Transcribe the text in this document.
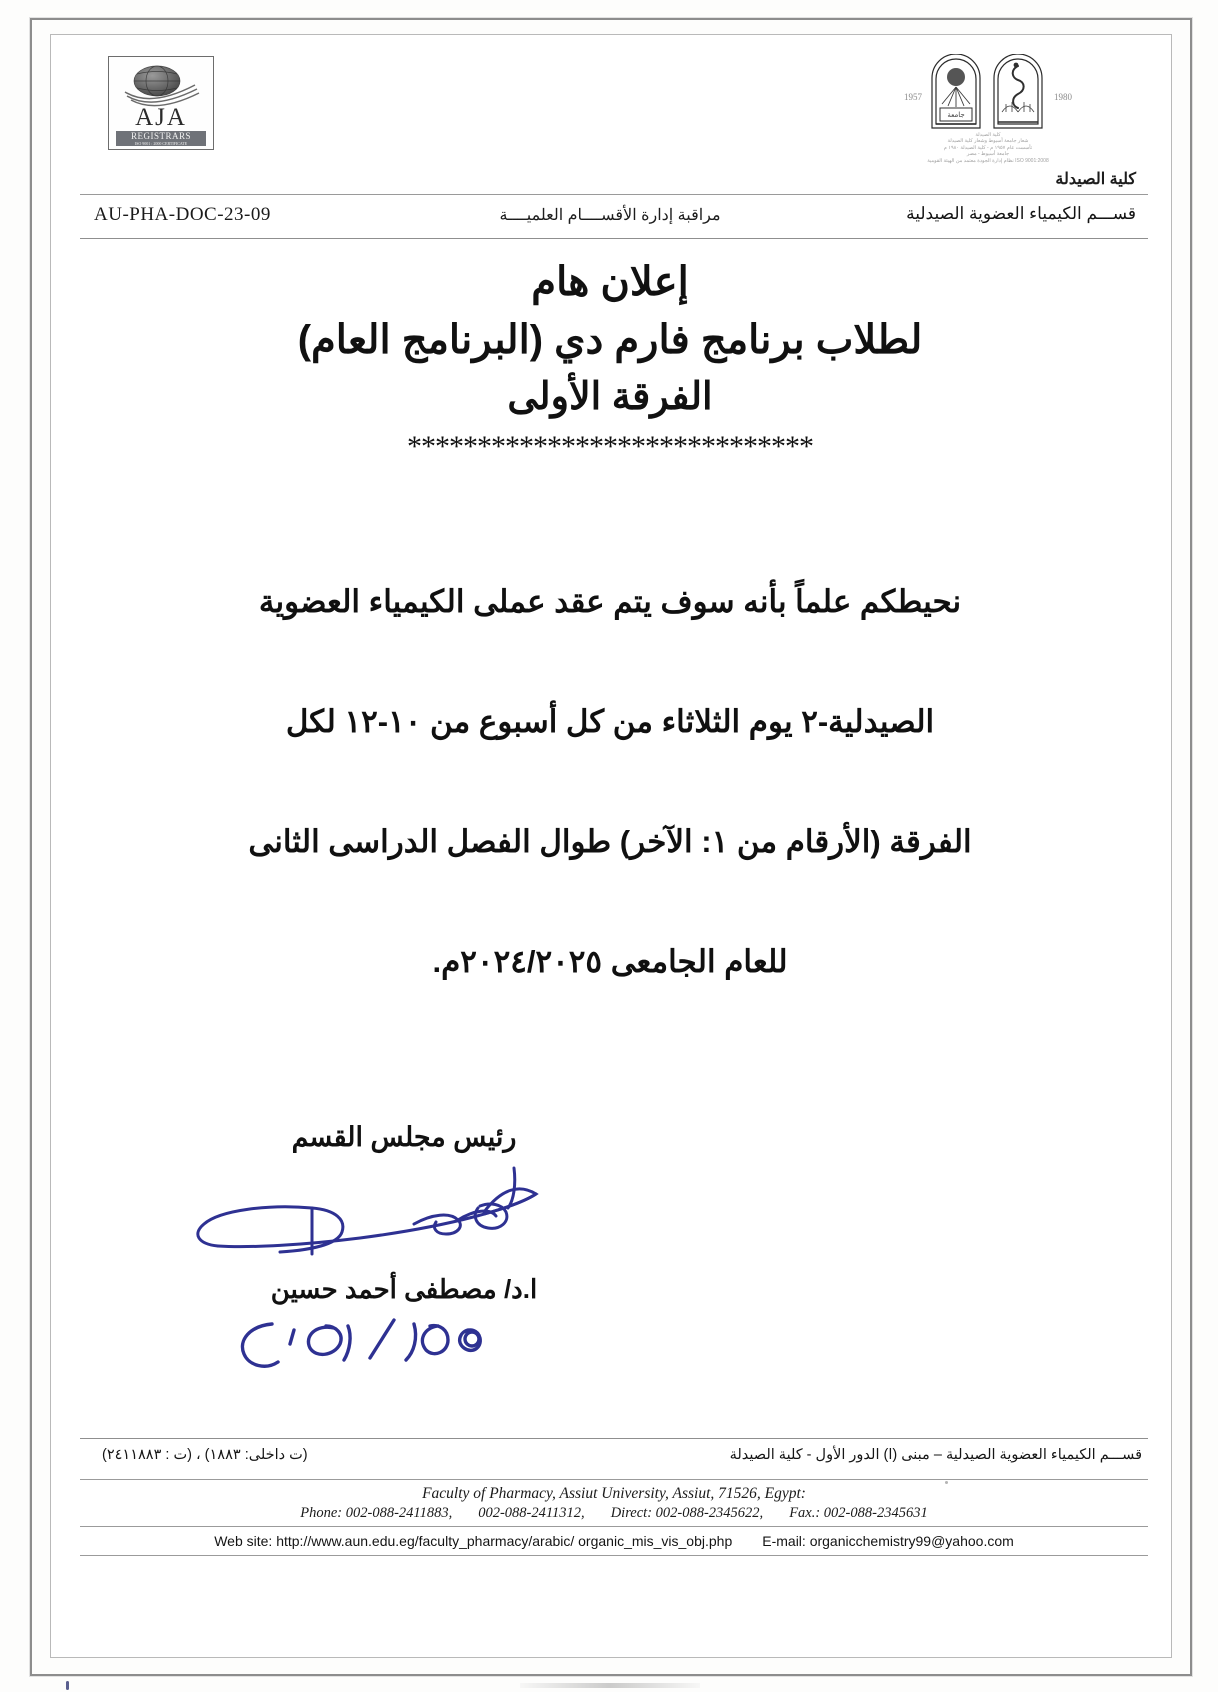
AJA
REGISTRARS
ISO 9001 : 2000 CERTIFICATE
1957	1980
جامعة
كلية الصيدلة
شعار جامعة أسيوط وشعار كلية الصيدلة
تأسست عام ١٩٥٧ م - كلية الصيدلة ١٩٨٠ م
جامعة أسيوط - مصر
ISO 9001:2008 نظام إدارة الجودة معتمد من الهيئة القومية
كلية الصيدلة
AU-PHA-DOC-23-09	مراقبة إدارة الأقســــام العلميــــة	قســـم الكيمياء العضوية الصيدلية
إعلان هام
لطلاب برنامج فارم دي (البرنامج العام)
الفرقة الأولى
*****************************
نحيطكم علماً بأنه سوف يتم عقد عملى الكيمياء العضوية
الصيدلية-٢ يوم الثلاثاء من كل أسبوع من ١٠-١٢ لكل
الفرقة (الأرقام من ١: الآخر) طوال الفصل الدراسى الثانى
للعام الجامعى ٢٠٢٤/٢٠٢٥م.
رئيس مجلس القسم
ا.د/ مصطفى أحمد حسين
قســـم الكيمياء العضوية الصيدلية – مبنى (ا) الدور الأول - كلية الصيدلة
(ت داخلى: ١٨٨٣) ، (ت : ٢٤١١٨٨٣)
Faculty of Pharmacy, Assiut University, Assiut, 71526, Egypt:
Phone: 002-088-2411883, 002-088-2411312, Direct: 002-088-2345622, Fax.: 002-088-2345631
Web site: http://www.aun.edu.eg/faculty_pharmacy/arabic/ organic_mis_vis_obj.php E-mail: organicchemistry99@yahoo.com
